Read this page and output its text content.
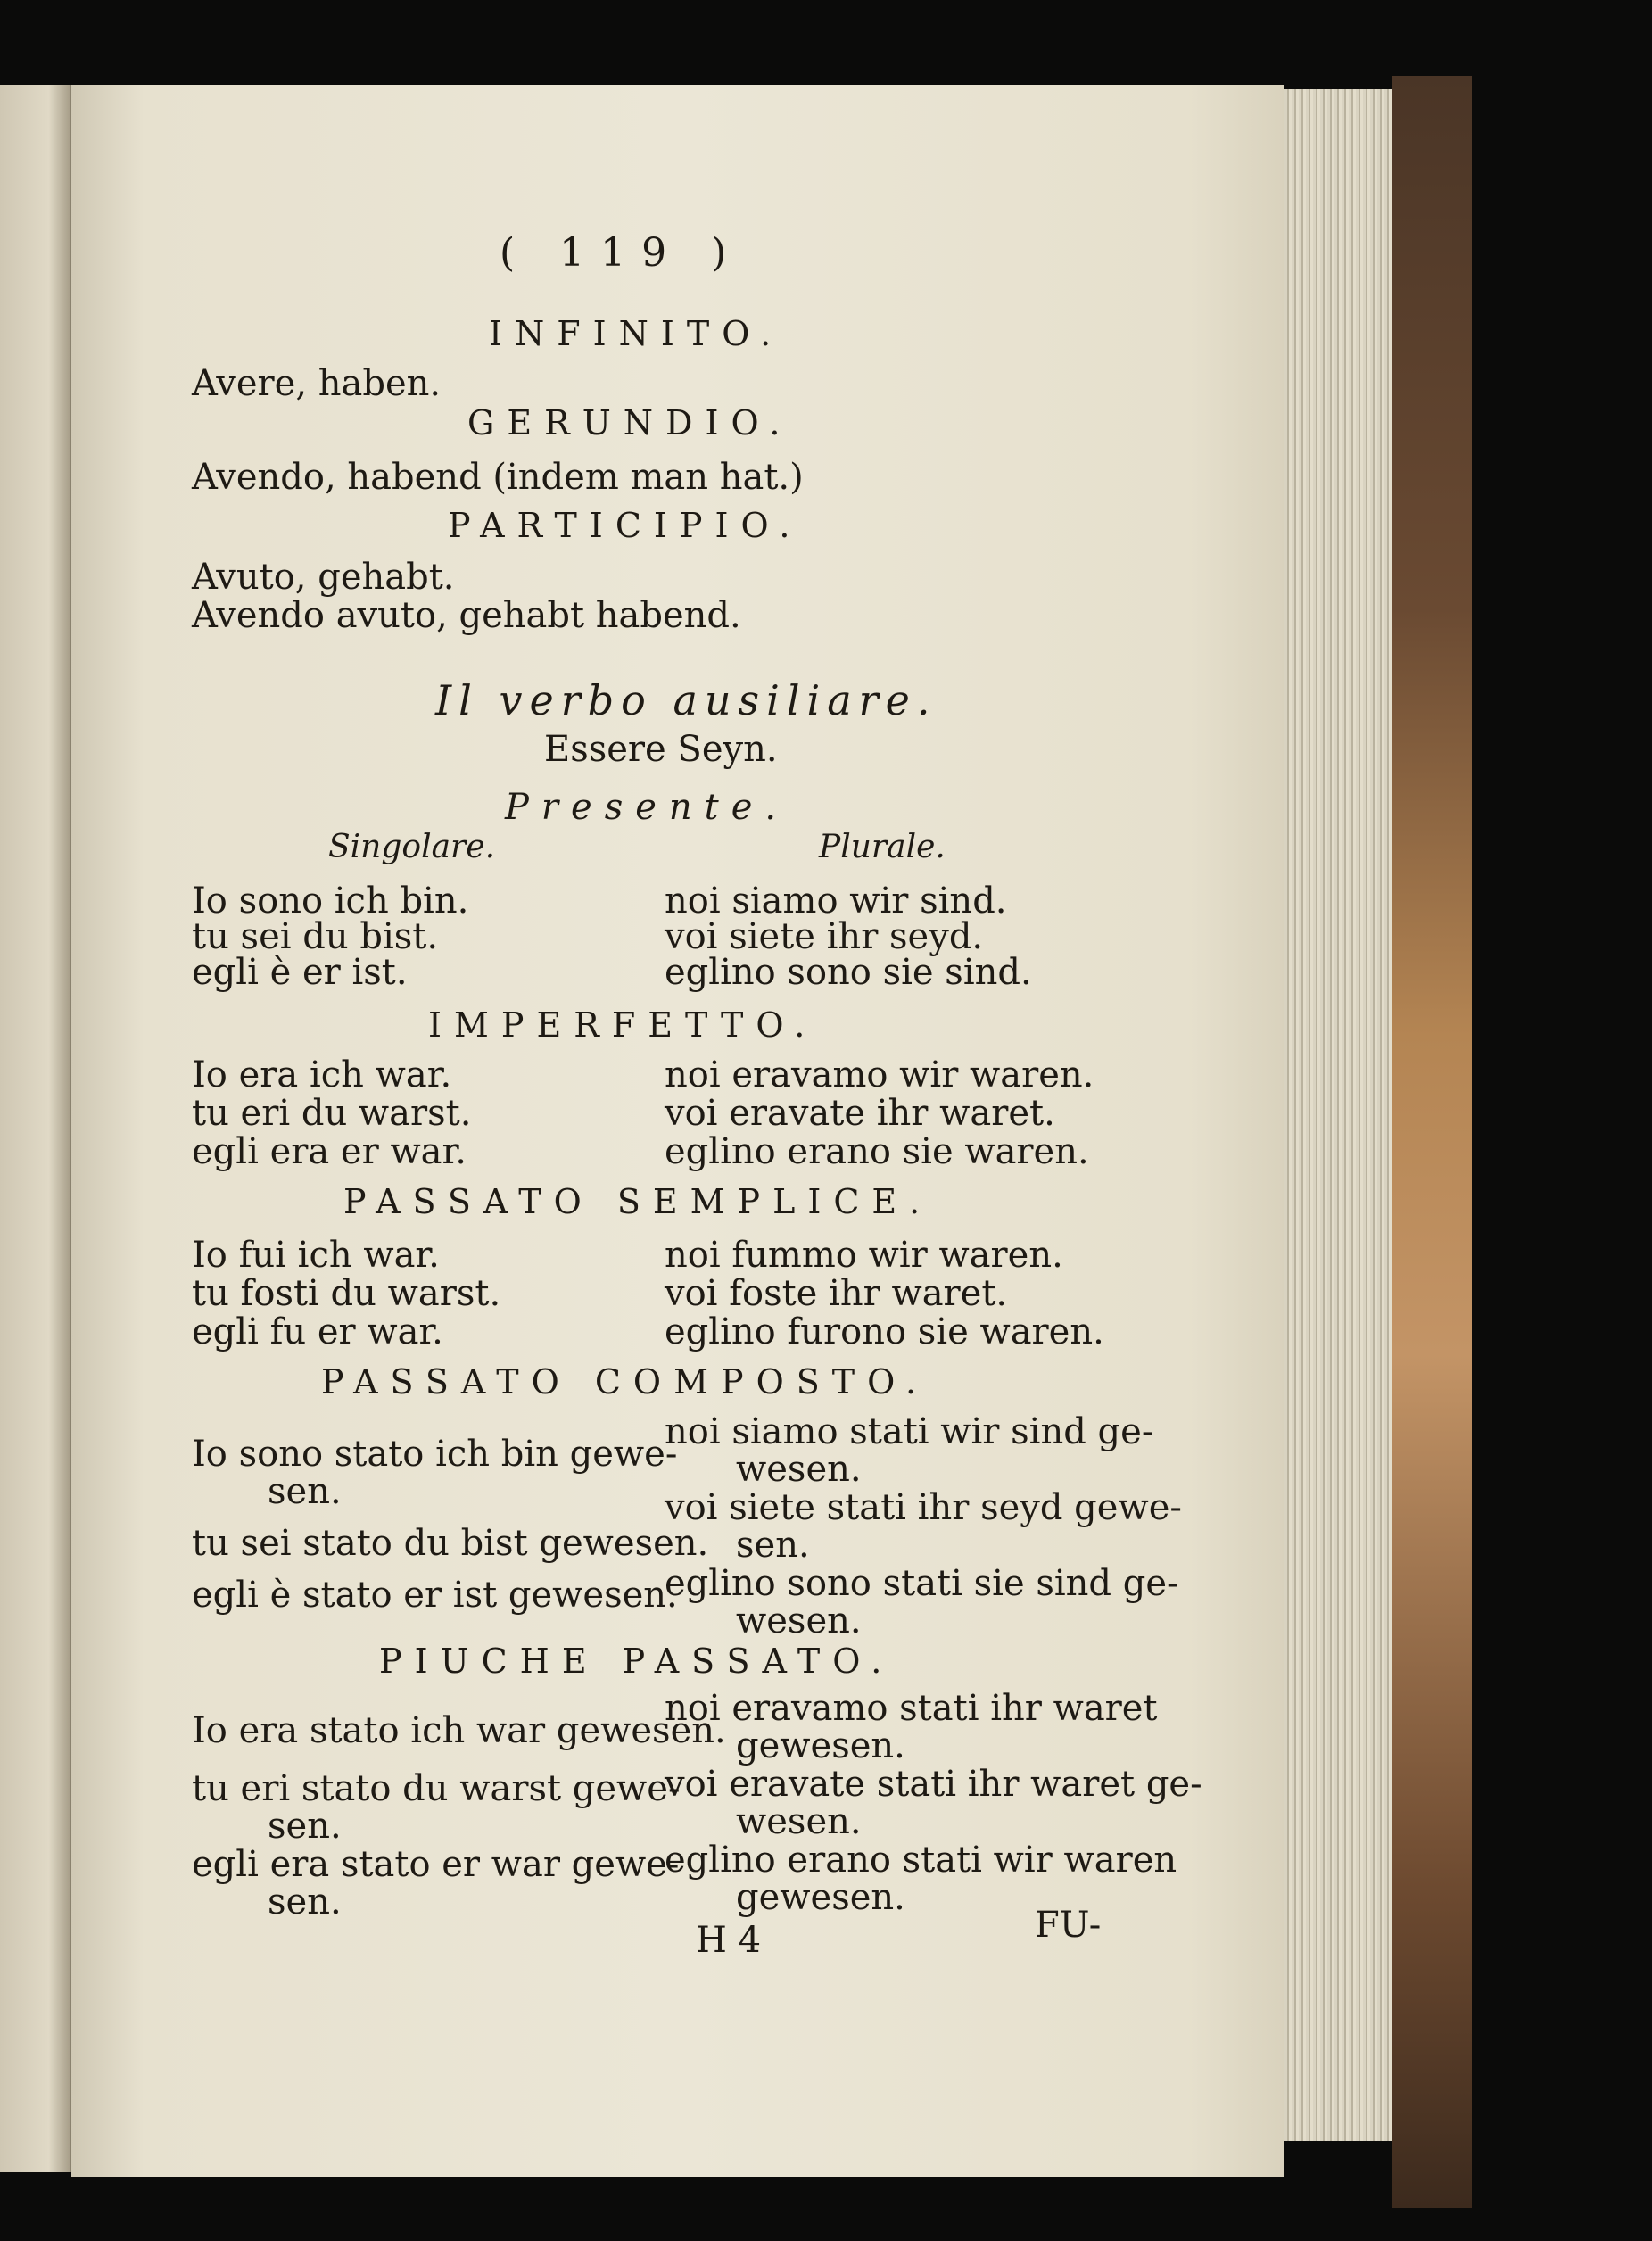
( 119 )
INFINITO.
Avere, haben.
GERUNDIO.
Avendo, habend (indem man hat.)
PARTICIPIO.
Avuto, gehabt.
Avendo avuto, gehabt habend.
Il verbo ausiliare.
Essere Seyn.
Presente.
Singolare.	Plurale.
Io sono ich bin.
tu sei du bist.
egli è er ist.
noi siamo wir sind.
voi siete ihr seyd.
eglino sono sie sind.
IMPERFETTO.
Io era ich war.
tu eri du warst.
egli era er war.
noi eravamo wir waren.
voi eravate ihr waret.
eglino erano sie waren.
PASSATO SEMPLICE.
Io fui ich war.
tu fosti du warst.
egli fu er war.
noi fummo wir waren.
voi foste ihr waret.
eglino furono sie waren.
PASSATO COMPOSTO.
Io sono stato ich bin gewe-
sen.
tu sei stato du bist gewesen.
egli è stato er ist gewesen.
noi siamo stati wir sind ge-
wesen.
voi siete stati ihr seyd gewe-
sen.
eglino sono stati sie sind ge-
wesen.
PIUCHE PASSATO.
Io era stato ich war gewesen.
tu eri stato du warst gewe-
sen.
egli era stato er war gewe-
sen.
noi eravamo stati ihr waret
gewesen.
voi eravate stati ihr waret ge-
wesen.
eglino erano stati wir waren
gewesen.
H 4	FU-
